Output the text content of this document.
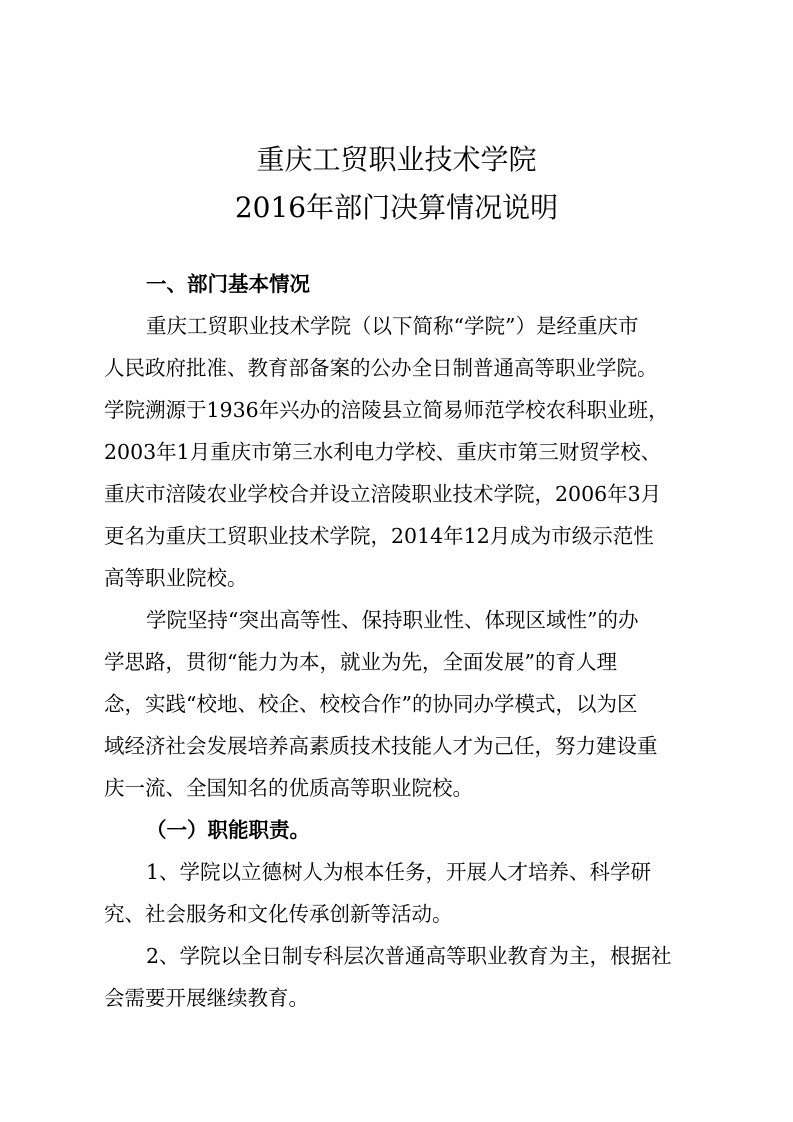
重庆工贸职业技术学院
2016年部门决算情况说明
一、部门基本情况
重庆工贸职业技术学院（以下简称“学院”）是经重庆市
人民政府批准、教育部备案的公办全日制普通高等职业学院。
学院溯源于1936年兴办的涪陵县立简易师范学校农科职业班，
2003年1月重庆市第三水利电力学校、重庆市第三财贸学校、
重庆市涪陵农业学校合并设立涪陵职业技术学院，2006年3月
更名为重庆工贸职业技术学院，2014年12月成为市级示范性
高等职业院校。
学院坚持“突出高等性、保持职业性、体现区域性”的办
学思路，贯彻“能力为本，就业为先，全面发展”的育人理
念，实践“校地、校企、校校合作”的协同办学模式，以为区
域经济社会发展培养高素质技术技能人才为己任，努力建设重
庆一流、全国知名的优质高等职业院校。
（一）职能职责。
1、学院以立德树人为根本任务，开展人才培养、科学研
究、社会服务和文化传承创新等活动。
2、学院以全日制专科层次普通高等职业教育为主，根据社
会需要开展继续教育。
